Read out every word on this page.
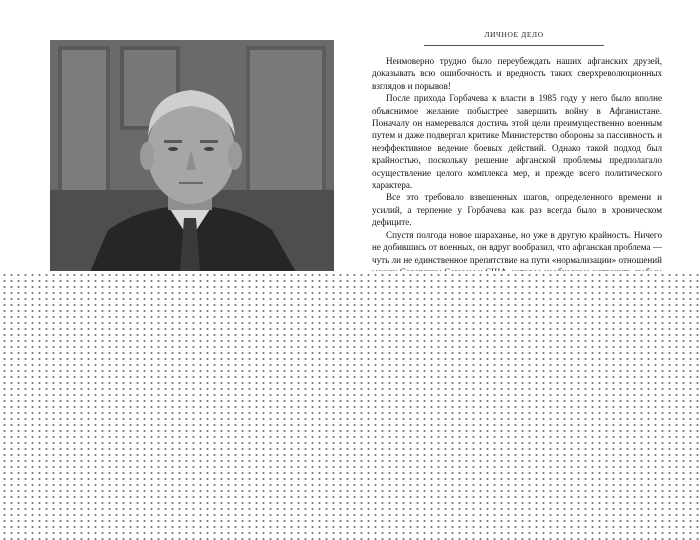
ЛИЧНОЕ ДЕЛО

Неимоверно трудно было переубеждать наших афганских друзей, доказывать всю ошибочность и вредность таких сверхреволюционных взглядов и порывов!

После прихода Горбачева к власти в 1985 году у него было вполне объяснимое желание побыстрее завершить войну в Афганистане. Поначалу он намеревался достичь этой цели преимущественно военным путем и даже подвергал критике Министерство обороны за пассивность и неэффективное ведение боевых действий. Однако такой подход был крайностью, поскольку решение афганской проблемы предполагало осуществление целого комплекса мер, и прежде всего политического характера.

Все это требовало взвешенных шагов, определенного времени и усилий, а терпение у Горбачева как раз всегда было в хроническом дефиците.

Спустя полгода новое шараханье, но уже в другую крайность. Ничего не добившись от военных, он вдруг вообразил, что афганская проблема — чуть ли не единственное препятствие на пути «нормализации» отношений
